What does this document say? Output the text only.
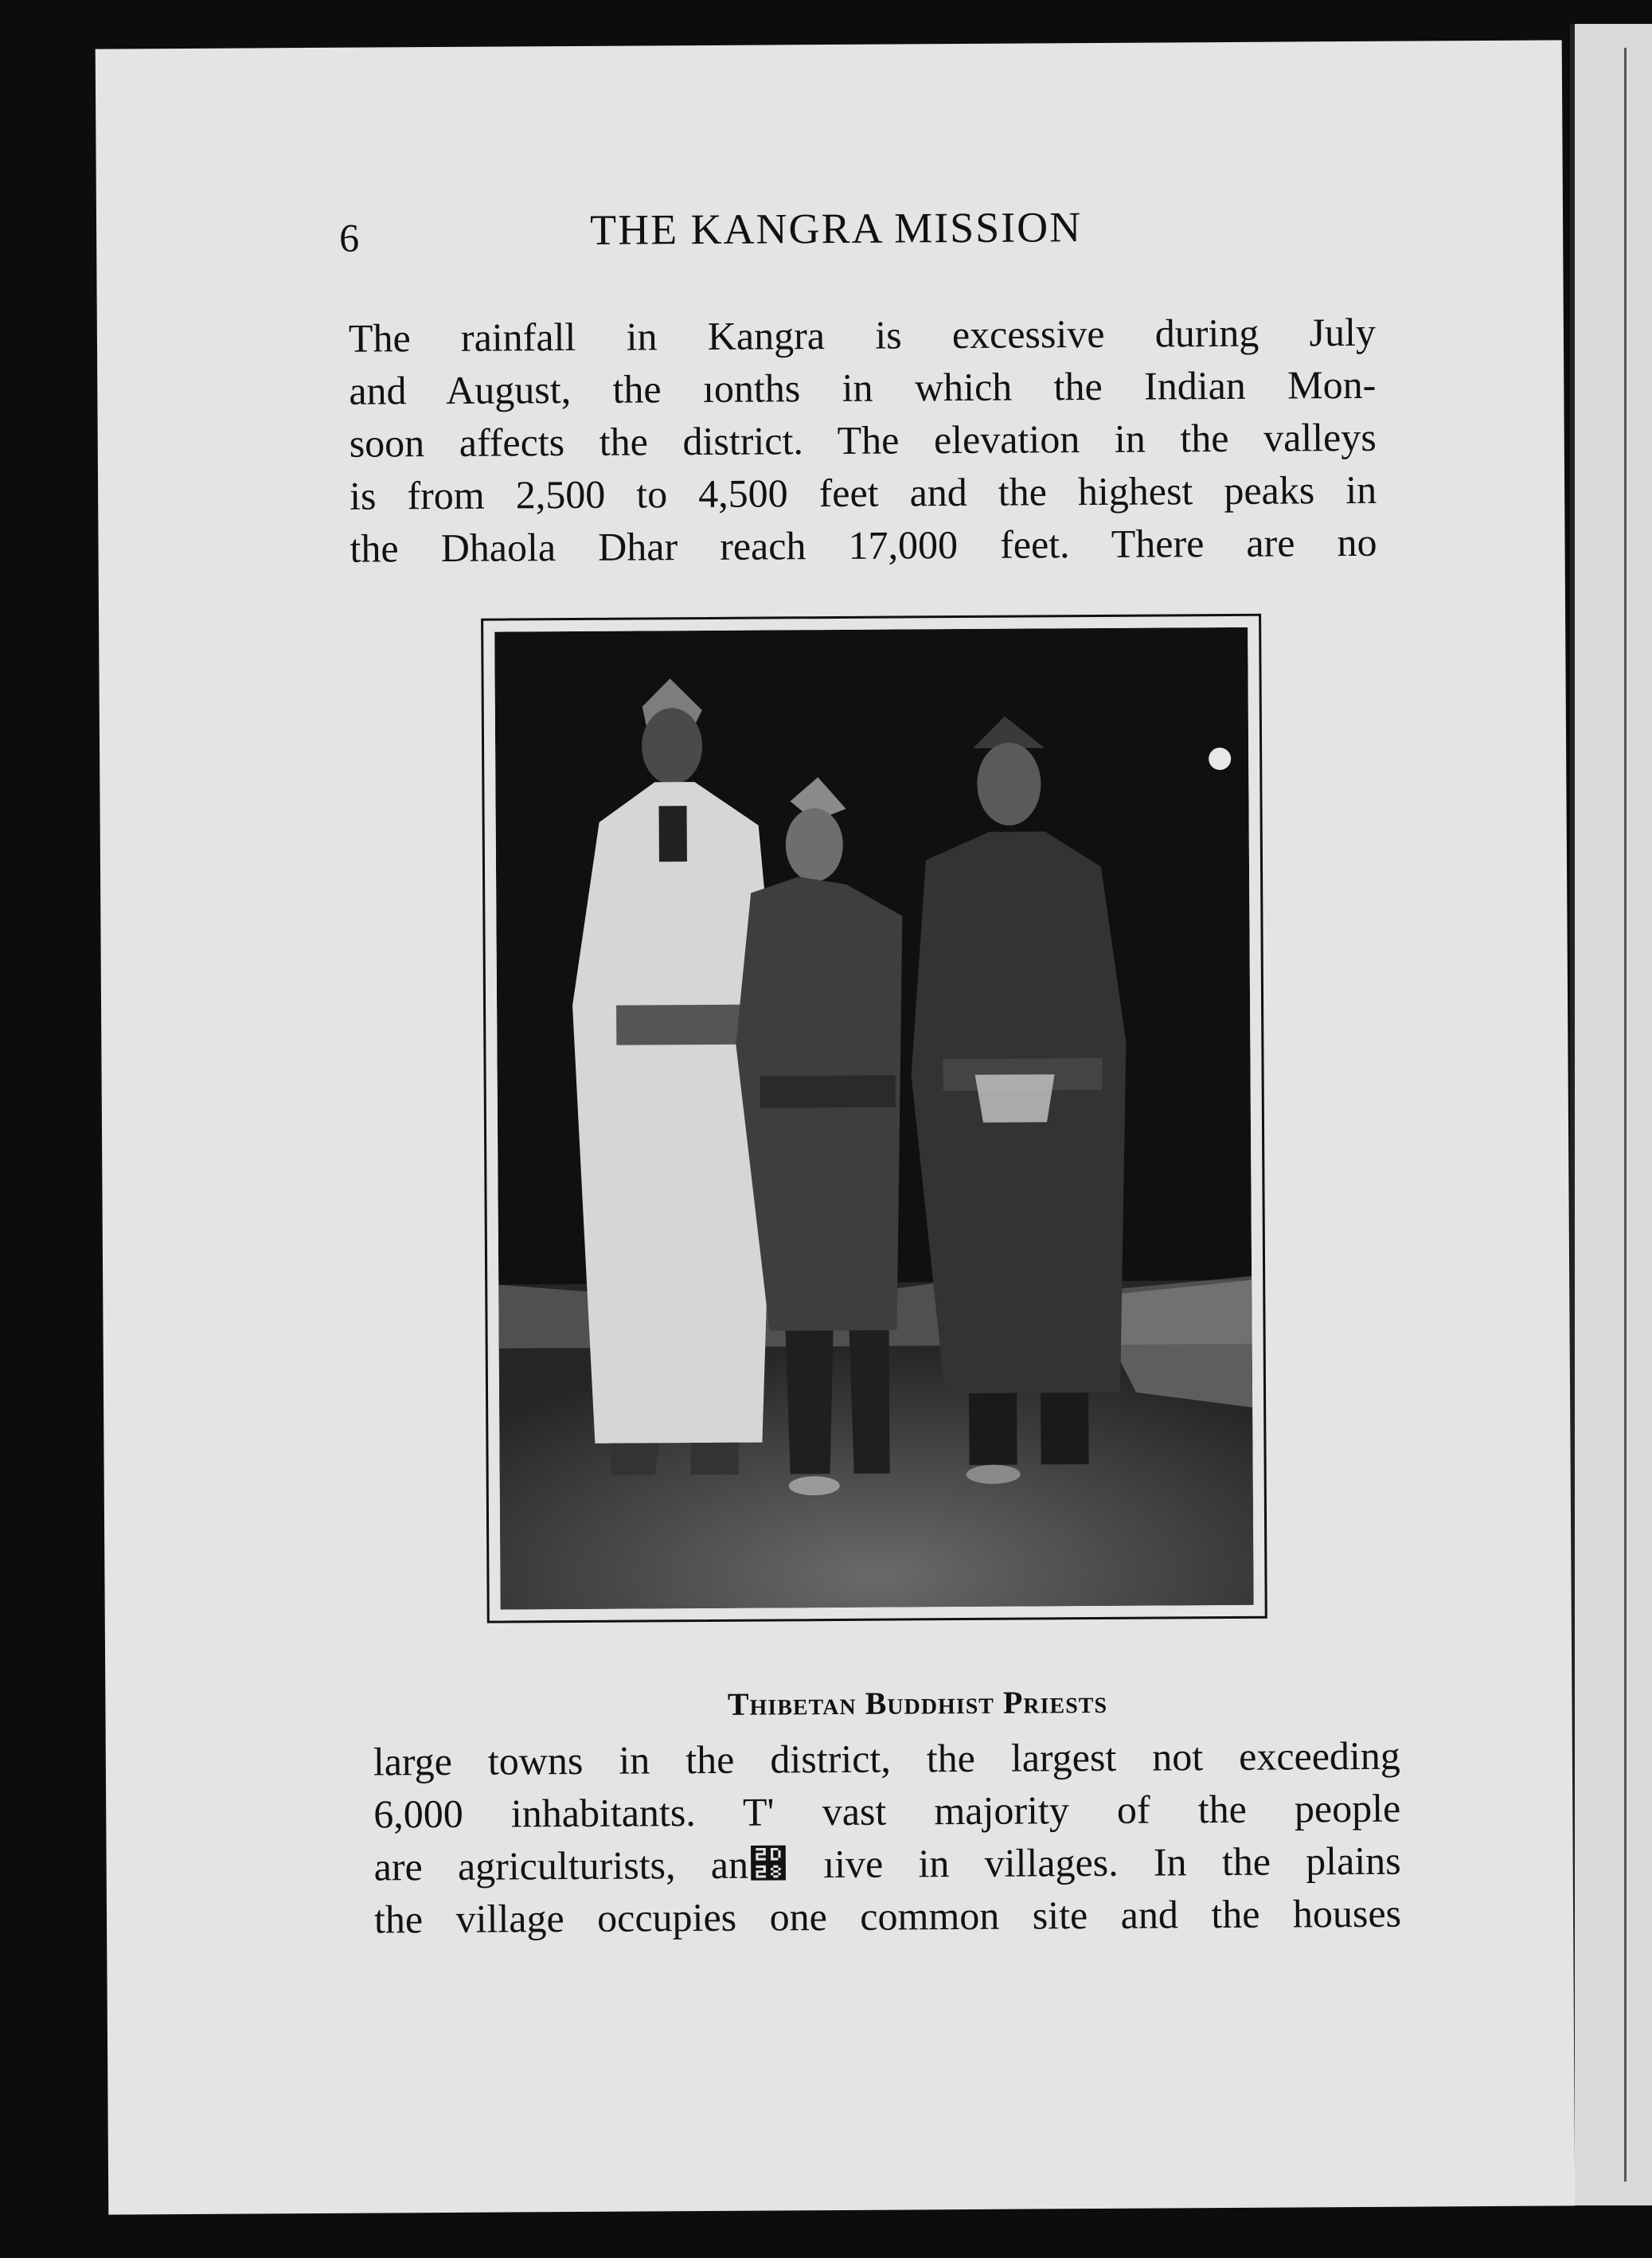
6	THE KANGRA MISSION
The rainfall in Kangra is excessive during July
and August, the ıonths in which the Indian Mon-
soon affects the district. The elevation in the valleys
is from 2,500 to 4,500 feet and the highest peaks in
the Dhaola Dhar reach 17,000 feet. There are no
Thibetan Buddhist Priests
large towns in the district, the largest not exceeding
6,000 inhabitants. T' vast majority of the people
are agriculturists, an⴨ ıive in villages. In the plains
the village occupies one common site and the houses
